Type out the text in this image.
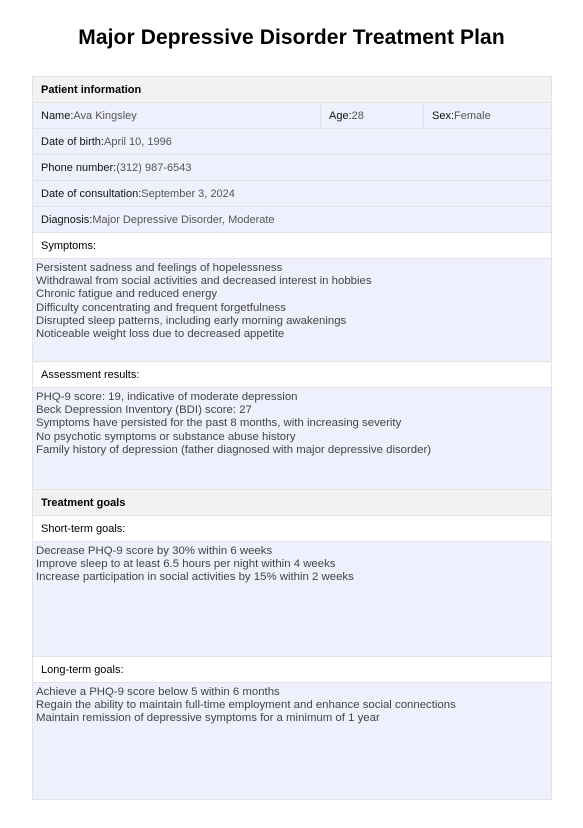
Major Depressive Disorder Treatment Plan
Patient information
Name: Ava Kingsley	Age: 28	Sex: Female
Date of birth: April 10, 1996
Phone number: (312) 987-6543
Date of consultation: September 3, 2024
Diagnosis: Major Depressive Disorder, Moderate
Symptoms:
Persistent sadness and feelings of hopelessness
Withdrawal from social activities and decreased interest in hobbies
Chronic fatigue and reduced energy
Difficulty concentrating and frequent forgetfulness
Disrupted sleep patterns, including early morning awakenings
Noticeable weight loss due to decreased appetite
Assessment results:
PHQ-9 score: 19, indicative of moderate depression
Beck Depression Inventory (BDI) score: 27
Symptoms have persisted for the past 8 months, with increasing severity
No psychotic symptoms or substance abuse history
Family history of depression (father diagnosed with major depressive disorder)
Treatment goals
Short-term goals:
Decrease PHQ-9 score by 30% within 6 weeks
Improve sleep to at least 6.5 hours per night within 4 weeks
Increase participation in social activities by 15% within 2 weeks
Long-term goals:
Achieve a PHQ-9 score below 5 within 6 months
Regain the ability to maintain full-time employment and enhance social connections
Maintain remission of depressive symptoms for a minimum of 1 year
